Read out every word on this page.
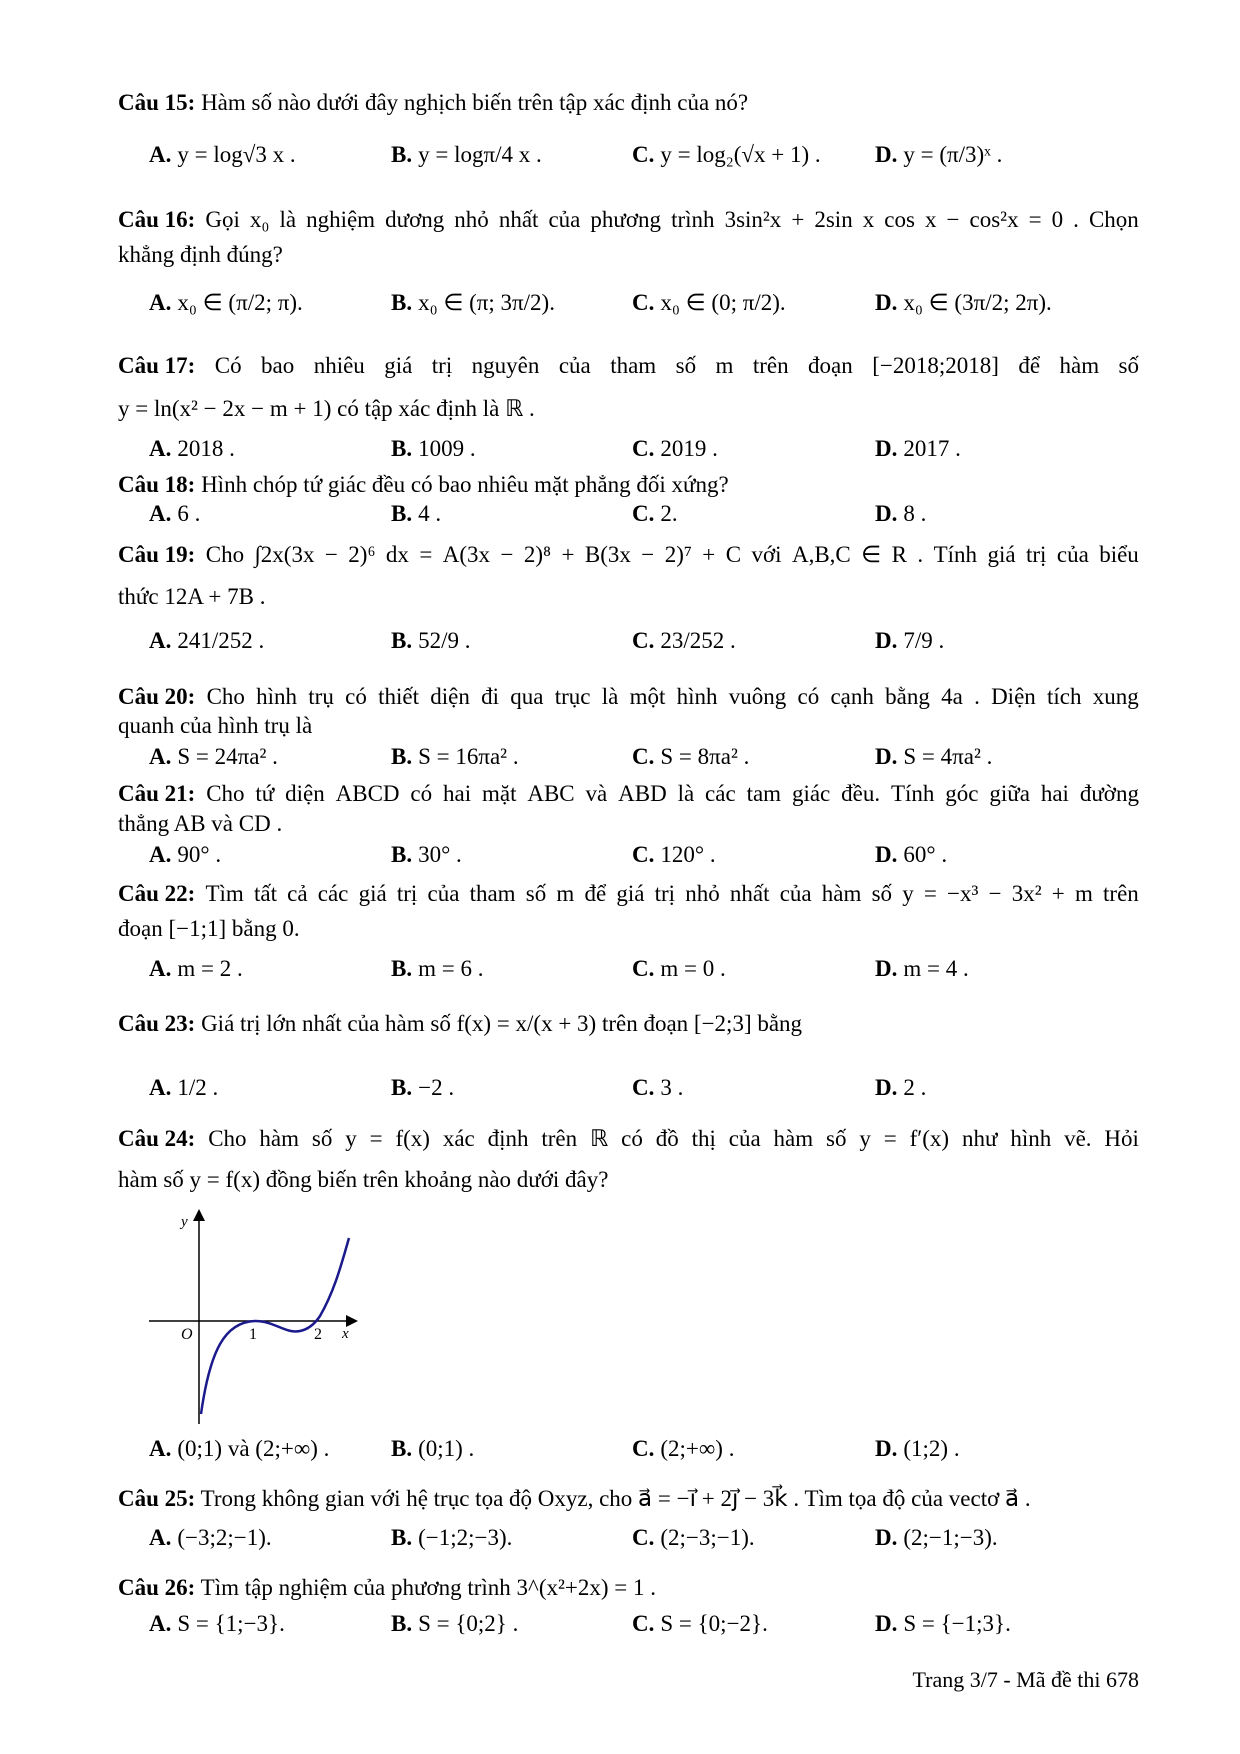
Câu 15: Hàm số nào dưới đây nghịch biến trên tập xác định của nó?
A. y = log√3 x .	B. y = logπ/4 x .	C. y = log₂(√x + 1) . D. y = (π/3)ˣ .
Câu 16: Gọi x₀ là nghiệm dương nhỏ nhất của phương trình 3sin²x + 2sin x cos x − cos²x = 0 . Chọn
khẳng định đúng?
A. x₀ ∈ (π/2; π).	B. x₀ ∈ (π; 3π/2).	C. x₀ ∈ (0; π/2).	D. x₀ ∈ (3π/2; 2π).
Câu 17: Có bao nhiêu giá trị nguyên của tham số m trên đoạn [−2018;2018] để hàm số
y = ln(x² − 2x − m + 1) có tập xác định là ℝ .
A. 2018 .	B. 1009 .	C. 2019 .	D. 2017 .
Câu 18: Hình chóp tứ giác đều có bao nhiêu mặt phẳng đối xứng?
A. 6 .	B. 4 .	C. 2.	D. 8 .
Câu 19: Cho ∫2x(3x − 2)⁶ dx = A(3x − 2)⁸ + B(3x − 2)⁷ + C với A,B,C ∈ R . Tính giá trị của biểu
thức 12A + 7B .
A. 241/252 .	B. 52/9 .	C. 23/252 .	D. 7/9 .
Câu 20: Cho hình trụ có thiết diện đi qua trục là một hình vuông có cạnh bằng 4a . Diện tích xung
quanh của hình trụ là
A. S = 24πa² .	B. S = 16πa² .	C. S = 8πa² .	D. S = 4πa² .
Câu 21: Cho tứ diện ABCD có hai mặt ABC và ABD là các tam giác đều. Tính góc giữa hai đường
thẳng AB và CD .
A. 90° .	B. 30° .	C. 120° .	D. 60° .
Câu 22: Tìm tất cả các giá trị của tham số m để giá trị nhỏ nhất của hàm số y = −x³ − 3x² + m trên
đoạn [−1;1] bằng 0.
A. m = 2 .	B. m = 6 .	C. m = 0 .	D. m = 4 .
Câu 23: Giá trị lớn nhất của hàm số f(x) = x/(x + 3) trên đoạn [−2;3] bằng
A. 1/2 .	B. −2 .	C. 3 .	D. 2 .
Câu 24: Cho hàm số y = f(x) xác định trên ℝ có đồ thị của hàm số y = f′(x) như hình vẽ. Hỏi
hàm số y = f(x) đồng biến trên khoảng nào dưới đây?
A. (0;1) và (2;+∞) .	B. (0;1) .	C. (2;+∞) .	D. (1;2) .
Câu 25: Trong không gian với hệ trục tọa độ Oxyz, cho a⃗ = −i⃗ + 2j⃗ − 3k⃗ . Tìm tọa độ của vectơ a⃗ .
A. (−3;2;−1).	B. (−1;2;−3).	C. (2;−3;−1).	D. (2;−1;−3).
Câu 26: Tìm tập nghiệm của phương trình 3^(x²+2x) = 1 .
A. S = {1;−3}.	B. S = {0;2} .	C. S = {0;−2}.	D. S = {−1;3}.
y
x
O	1	2
Trang 3/7 - Mã đề thi 678
